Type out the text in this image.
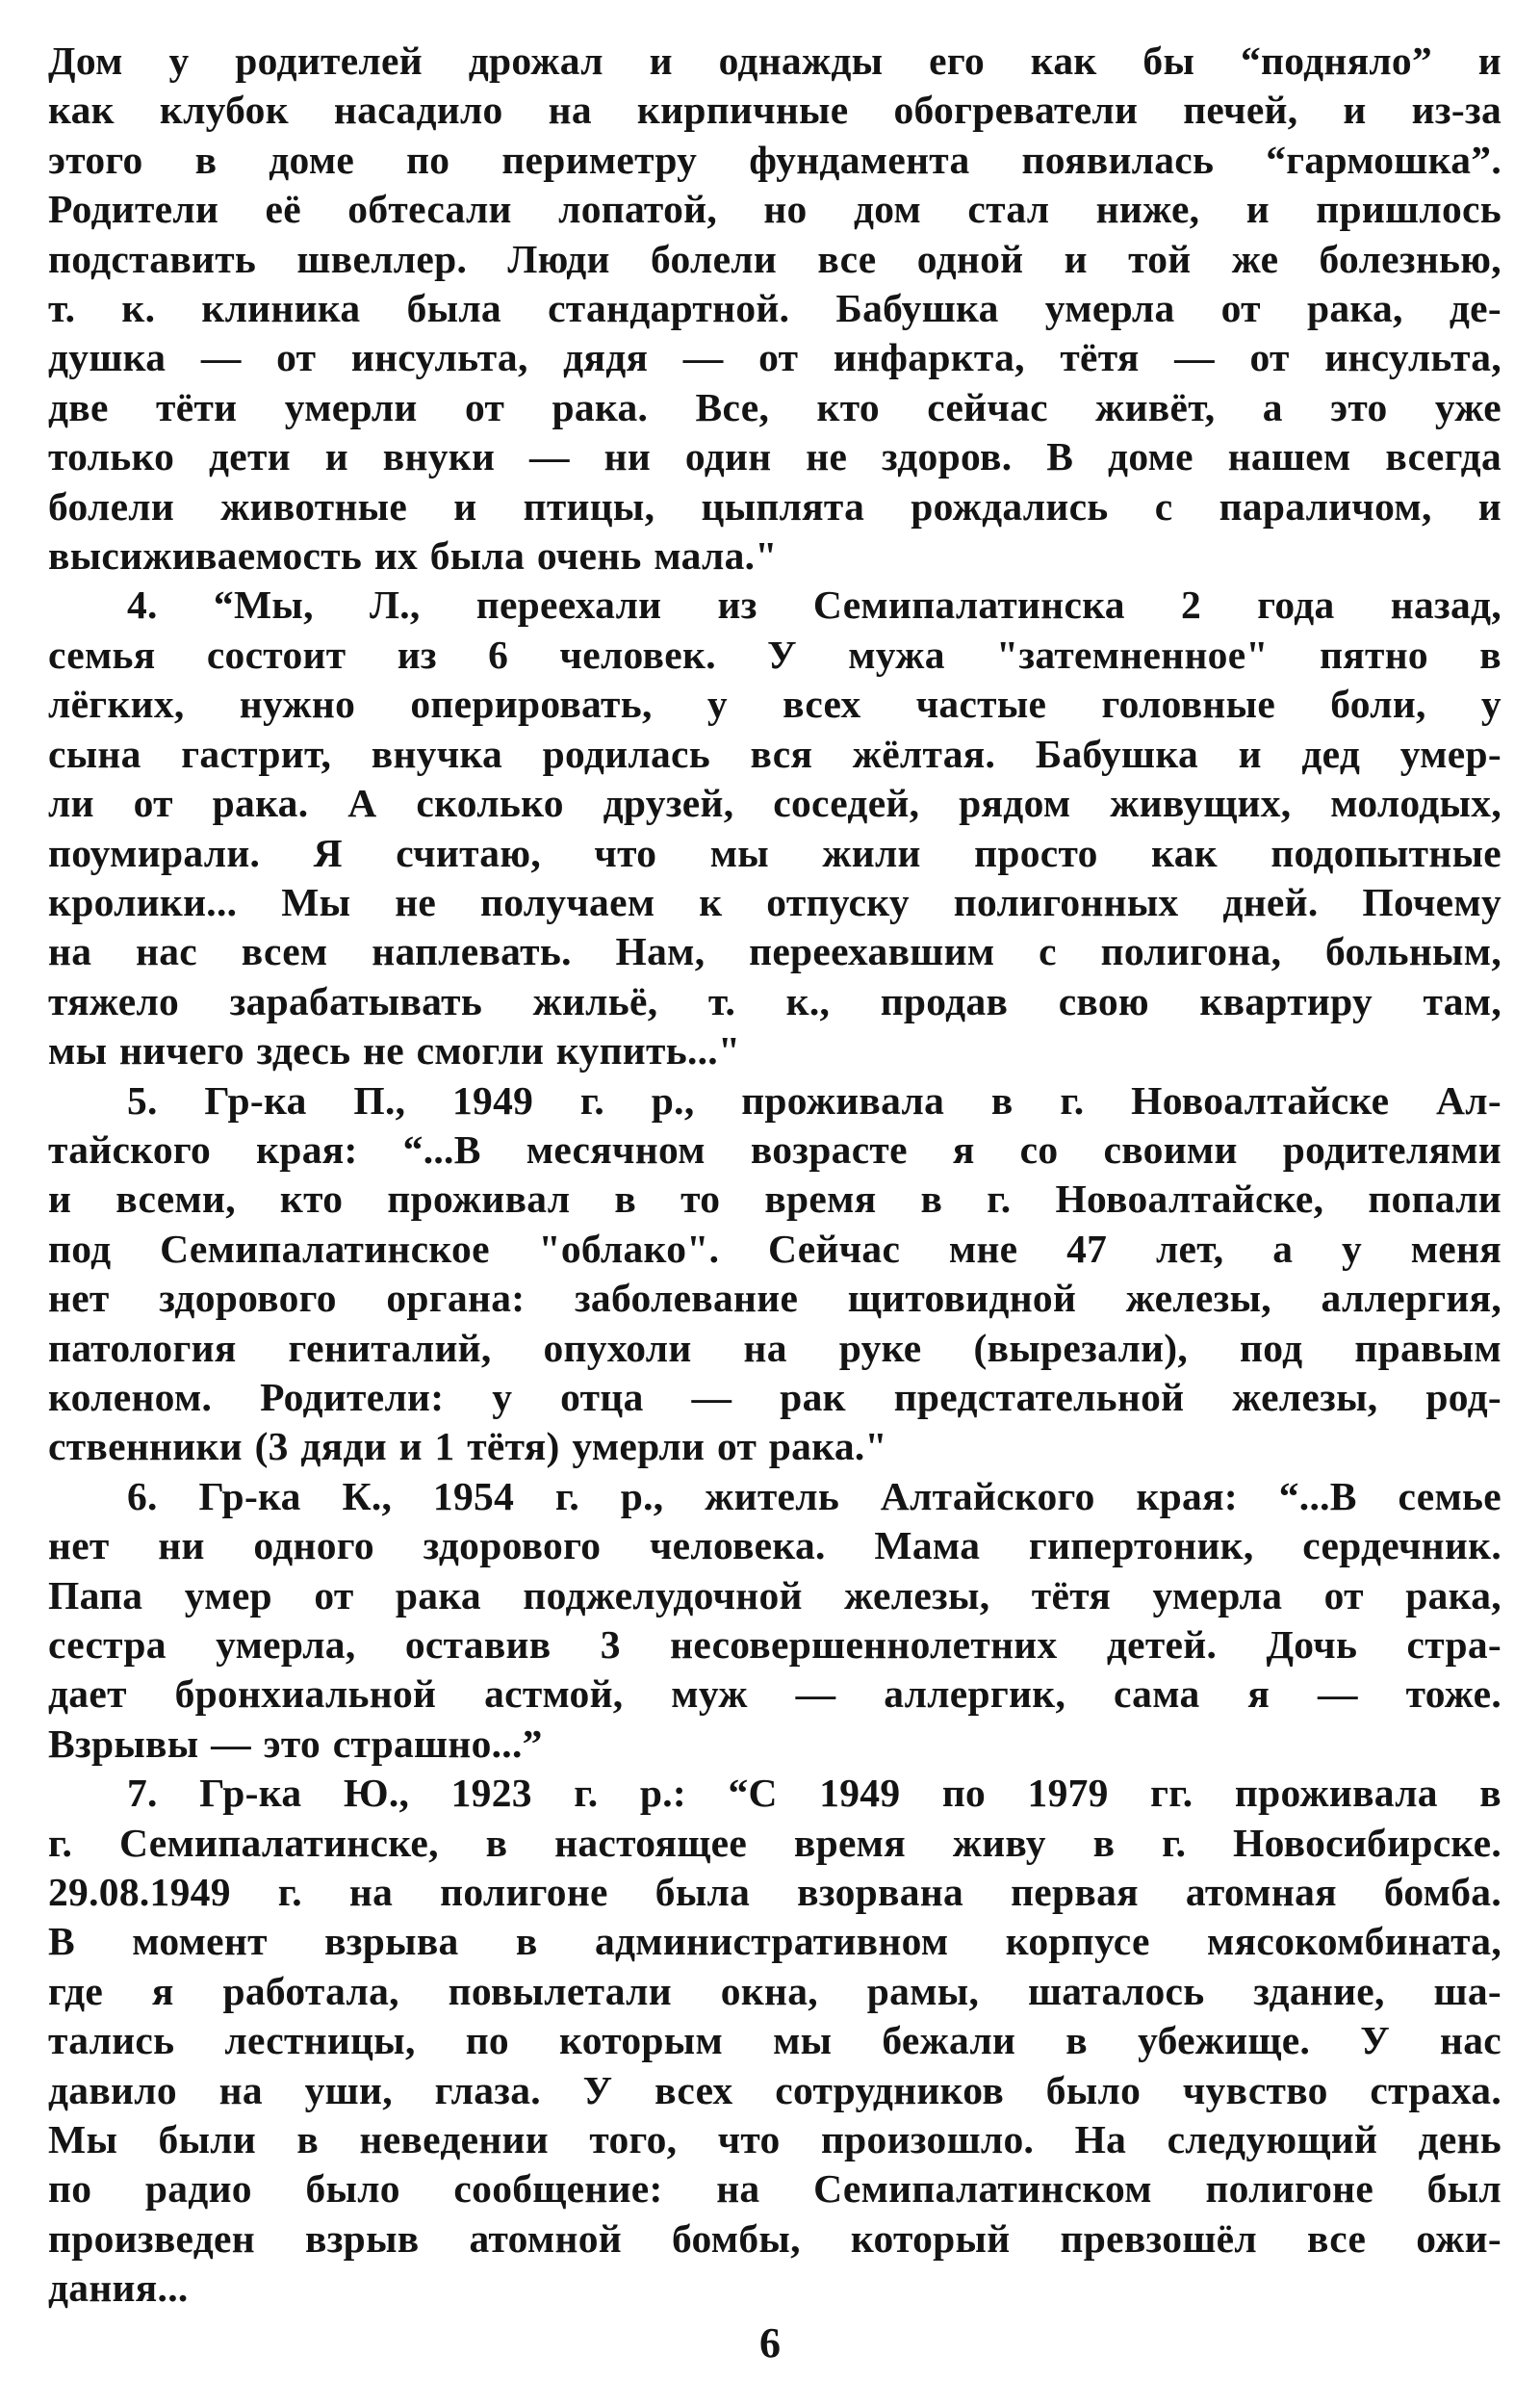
Дом у родителей дрожал и однажды его как бы “подняло” и
как клубок насадило на кирпичные обогреватели печей, и из-за
этого в доме по периметру фундамента появилась “гармошка”.
Родители её обтесали лопатой, но дом стал ниже, и пришлось
подставить швеллер. Люди болели все одной и той же болезнью,
т. к. клиника была стандартной. Бабушка умерла от рака, де-
душка — от инсульта, дядя — от инфаркта, тётя — от инсульта,
две тёти умерли от рака. Все, кто сейчас живёт, а это уже
только дети и внуки — ни один не здоров. В доме нашем всегда
болели животные и птицы, цыплята рождались с параличом, и
высиживаемость их была очень мала."
4. “Мы, Л., переехали из Семипалатинска 2 года назад,
семья состоит из 6 человек. У мужа "затемненное" пятно в
лёгких, нужно оперировать, у всех частые головные боли, у
сына гастрит, внучка родилась вся жёлтая. Бабушка и дед умер-
ли от рака. А сколько друзей, соседей, рядом живущих, молодых,
поумирали. Я считаю, что мы жили просто как подопытные
кролики... Мы не получаем к отпуску полигонных дней. Почему
на нас всем наплевать. Нам, переехавшим с полигона, больным,
тяжело зарабатывать жильё, т. к., продав свою квартиру там,
мы ничего здесь не смогли купить..."
5. Гр-ка П., 1949 г. р., проживала в г. Новоалтайске Ал-
тайского края: “...В месячном возрасте я со своими родителями
и всеми, кто проживал в то время в г. Новоалтайске, попали
под Семипалатинское "облако". Сейчас мне 47 лет, а у меня
нет здорового органа: заболевание щитовидной железы, аллергия,
патология гениталий, опухоли на руке (вырезали), под правым
коленом. Родители: у отца — рак предстательной железы, род-
ственники (3 дяди и 1 тётя) умерли от рака."
6. Гр-ка К., 1954 г. р., житель Алтайского края: “...В семье
нет ни одного здорового человека. Мама гипертоник, сердечник.
Папа умер от рака поджелудочной железы, тётя умерла от рака,
сестра умерла, оставив 3 несовершеннолетних детей. Дочь стра-
дает бронхиальной астмой, муж — аллергик, сама я — тоже.
Взрывы — это страшно...”
7. Гр-ка Ю., 1923 г. р.: “С 1949 по 1979 гг. проживала в
г. Семипалатинске, в настоящее время живу в г. Новосибирске.
29.08.1949 г. на полигоне была взорвана первая атомная бомба.
В момент взрыва в административном корпусе мясокомбината,
где я работала, повылетали окна, рамы, шаталось здание, ша-
тались лестницы, по которым мы бежали в убежище. У нас
давило на уши, глаза. У всех сотрудников было чувство страха.
Мы были в неведении того, что произошло. На следующий день
по радио было сообщение: на Семипалатинском полигоне был
произведен взрыв атомной бомбы, который превзошёл все ожи-
дания...
6
